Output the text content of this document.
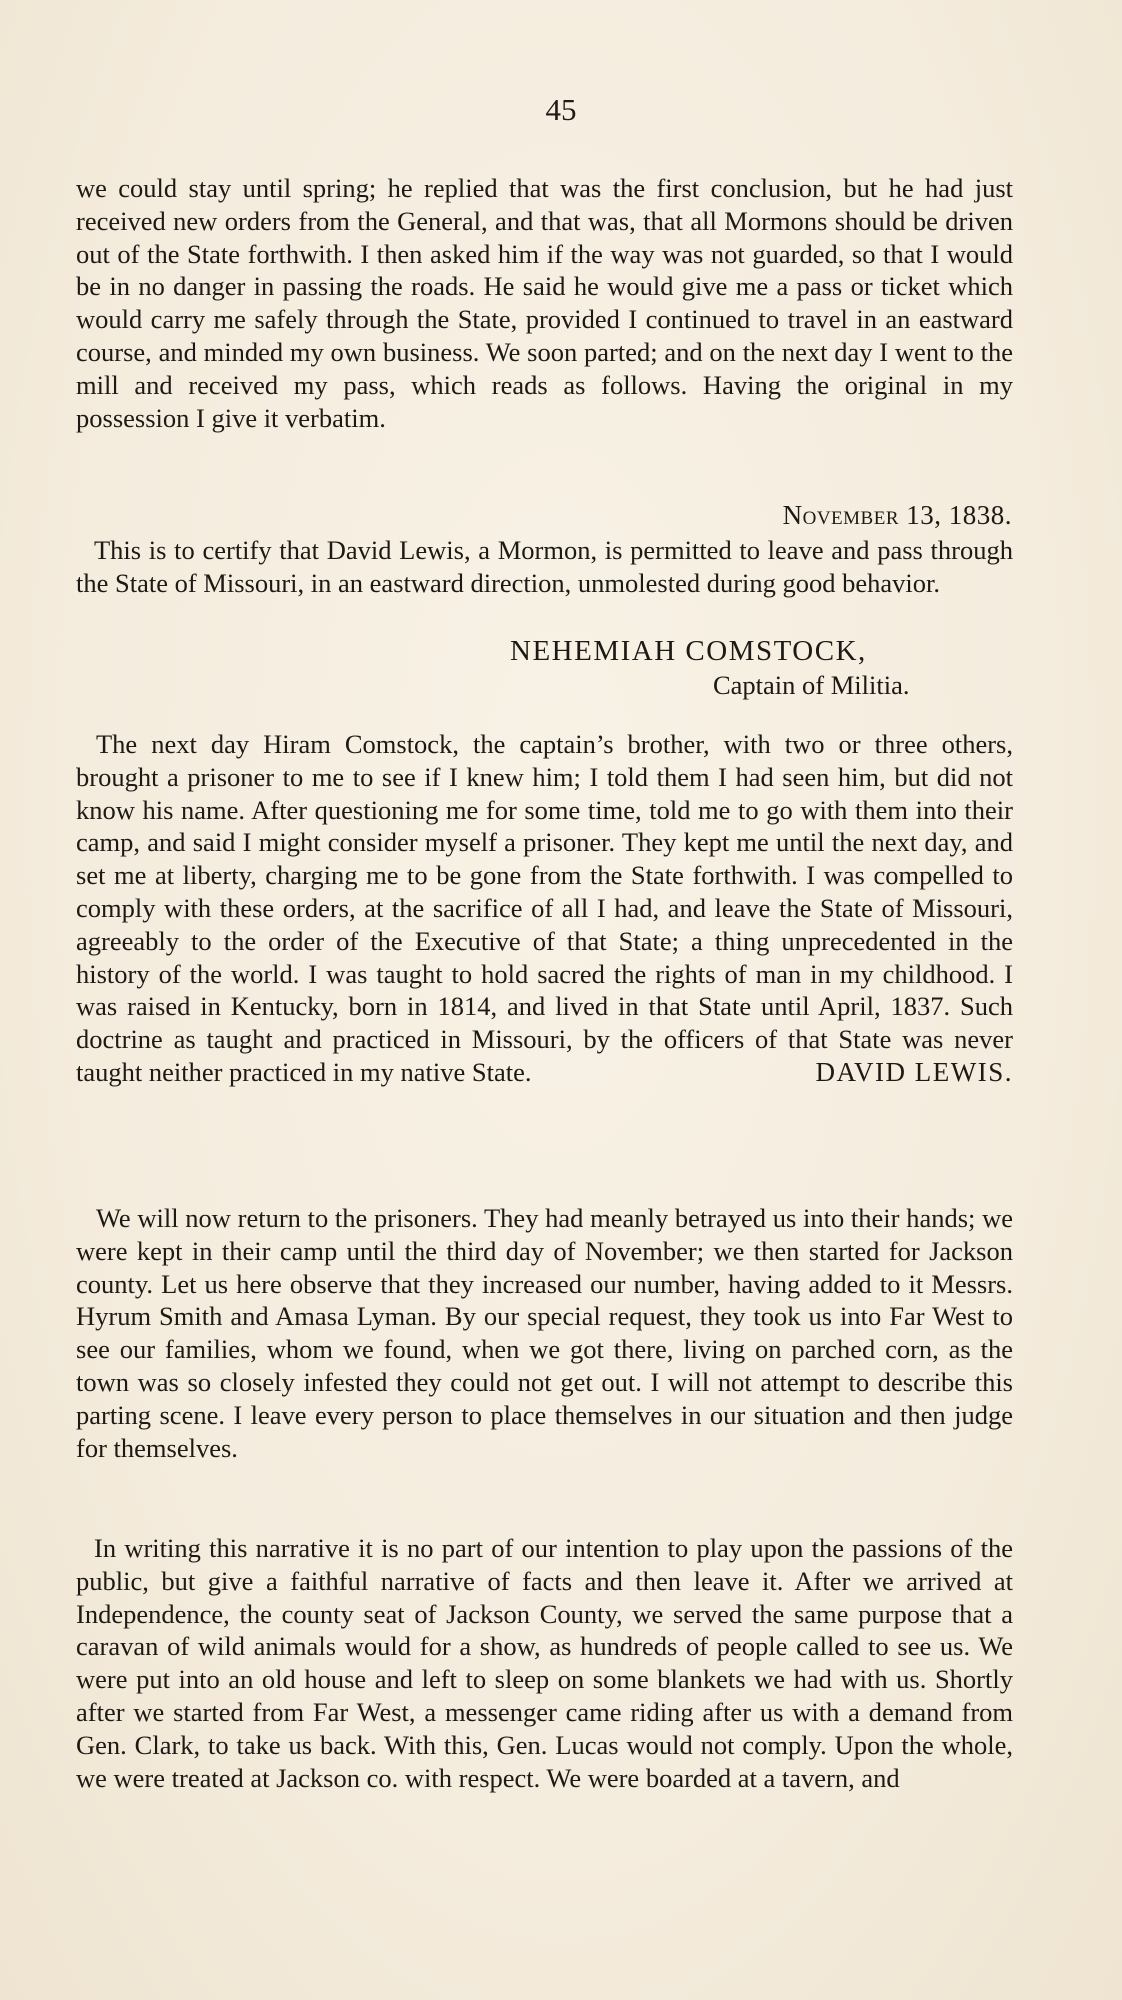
45

we could stay until spring; he replied that was the first conclusion, but he had just received new orders from the General, and that was, that all Mormons should be driven out of the State forthwith. I then asked him if the way was not guarded, so that I would be in no danger in passing the roads. He said he would give me a pass or ticket which would carry me safely through the State, provided I continued to travel in an eastward course, and minded my own business. We soon parted; and on the next day I went to the mill and received my pass, which reads as follows. Having the original in my possession I give it verbatim.

November 13, 1838.

This is to certify that David Lewis, a Mormon, is permitted to leave and pass through the State of Missouri, in an eastward direction, unmolested during good behavior.

NEHEMIAH COMSTOCK,
Captain of Militia.

The next day Hiram Comstock, the captain’s brother, with two or three others, brought a prisoner to me to see if I knew him; I told them I had seen him, but did not know his name. After questioning me for some time, told me to go with them into their camp, and said I might consider myself a prisoner. They kept me until the next day, and set me at liberty, charging me to be gone from the State forthwith. I was compelled to comply with these orders, at the sacrifice of all I had, and leave the State of Missouri, agreeably to the order of the Executive of that State; a thing unprecedented in the history of the world. I was taught to hold sacred the rights of man in my childhood. I was raised in Kentucky, born in 1814, and lived in that State until April, 1837. Such doctrine as taught and practiced in Missouri, by the officers of that State was never taught neither practiced in my native State.	DAVID LEWIS.

We will now return to the prisoners. They had meanly betrayed us into their hands; we were kept in their camp until the third day of November; we then started for Jackson county. Let us here observe that they increased our number, having added to it Messrs. Hyrum Smith and Amasa Lyman. By our special request, they took us into Far West to see our families, whom we found, when we got there, living on parched corn, as the town was so closely infested they could not get out. I will not attempt to describe this parting scene. I leave every person to place themselves in our situation and then judge for themselves.

In writing this narrative it is no part of our intention to play upon the passions of the public, but give a faithful narrative of facts and then leave it. After we arrived at Independence, the county seat of Jackson County, we served the same purpose that a caravan of wild animals would for a show, as hundreds of people called to see us. We were put into an old house and left to sleep on some blankets we had with us. Shortly after we started from Far West, a messenger came riding after us with a demand from Gen. Clark, to take us back. With this, Gen. Lucas would not comply. Upon the whole, we were treated at Jackson co. with respect. We were boarded at a tavern, and
